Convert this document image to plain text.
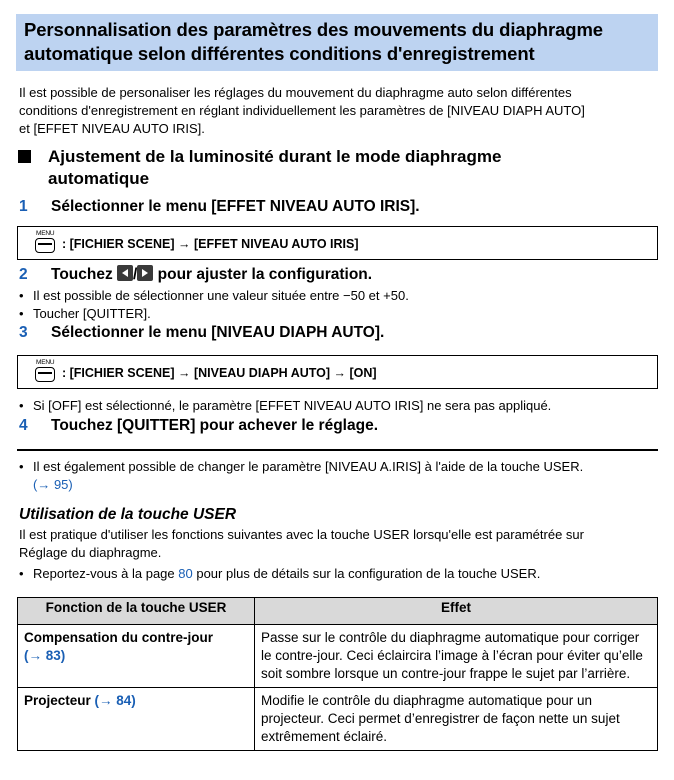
Personnalisation des paramètres des mouvements du diaphragme
automatique selon différentes conditions d'enregistrement
Il est possible de personaliser les réglages du mouvement du diaphragme auto selon différentes
conditions d'enregistrement en réglant individuellement les paramètres de [NIVEAU DIAPH AUTO]
et [EFFET NIVEAU AUTO IRIS].
Ajustement de la luminosité durant le mode diaphragme
automatique
1 Sélectionner le menu [EFFET NIVEAU AUTO IRIS].
MENU
: [FICHIER SCENE] → [EFFET NIVEAU AUTO IRIS]
2 Touchez / pour ajuster la configuration.
• Il est possible de sélectionner une valeur située entre −50 et +50.
• Toucher [QUITTER].
3 Sélectionner le menu [NIVEAU DIAPH AUTO].
MENU
: [FICHIER SCENE] → [NIVEAU DIAPH AUTO] → [ON]
• Si [OFF] est sélectionné, le paramètre [EFFET NIVEAU AUTO IRIS] ne sera pas appliqué.
4 Touchez [QUITTER] pour achever le réglage.
• Il est également possible de changer le paramètre [NIVEAU A.IRIS] à l'aide de la touche USER.
(→ 95)
Utilisation de la touche USER
Il est pratique d'utiliser les fonctions suivantes avec la touche USER lorsqu'elle est paramétrée sur
Réglage du diaphragme.
• Reportez-vous à la page 80 pour plus de détails sur la configuration de la touche USER.
Fonction de la touche USER	Effet

Compensation du contre-jour
(→ 83)	Passe sur le contrôle du diaphragme automatique pour corriger le contre-jour. Ceci éclaircira l’image à l’écran pour éviter qu’elle soit sombre lorsque un contre-jour frappe le sujet par l’arrière.
Projecteur (→ 84)	Modifie le contrôle du diaphragme automatique pour un projecteur. Ceci permet d’enregistrer de façon nette un sujet extrêmement éclairé.
